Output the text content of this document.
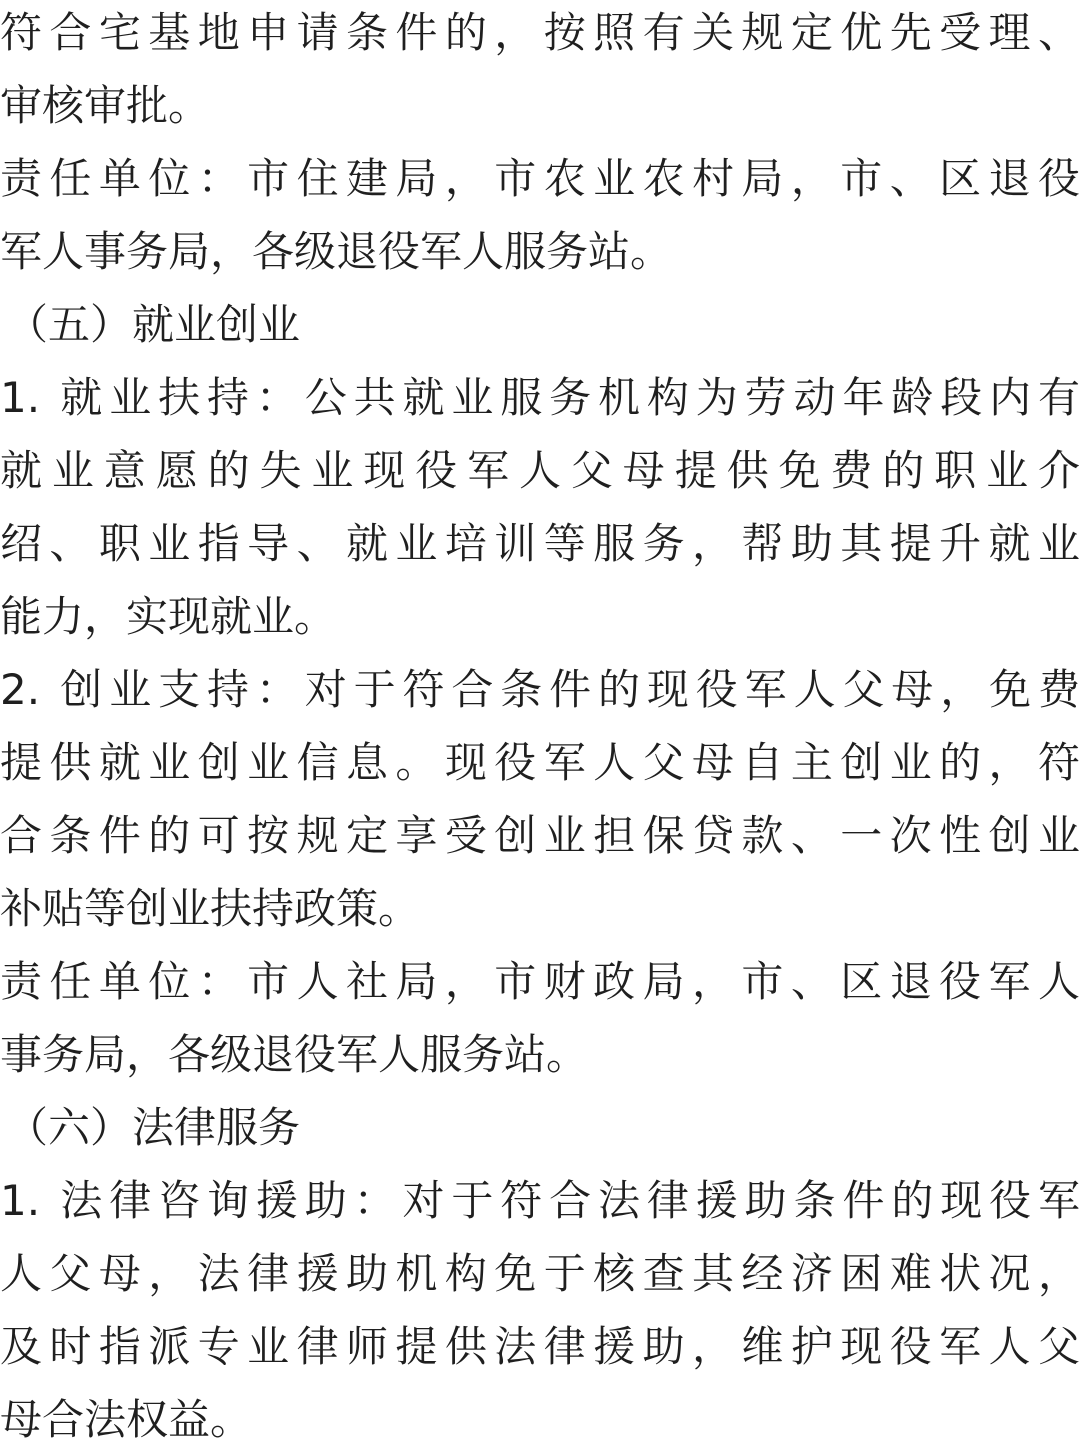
符合宅基地申请条件的，按照有关规定优先受理、
审核审批。
责任单位：市住建局，市农业农村局，市、区退役
军人事务局，各级退役军人服务站。
（五）就业创业
1. 就业扶持：公共就业服务机构为劳动年龄段内有
就业意愿的失业现役军人父母提供免费的职业介
绍、职业指导、就业培训等服务，帮助其提升就业
能力，实现就业。
2. 创业支持：对于符合条件的现役军人父母，免费
提供就业创业信息。现役军人父母自主创业的，符
合条件的可按规定享受创业担保贷款、一次性创业
补贴等创业扶持政策。
责任单位：市人社局，市财政局，市、区退役军人
事务局，各级退役军人服务站。
（六）法律服务
1. 法律咨询援助：对于符合法律援助条件的现役军
人父母，法律援助机构免于核查其经济困难状况，
及时指派专业律师提供法律援助，维护现役军人父
母合法权益。
